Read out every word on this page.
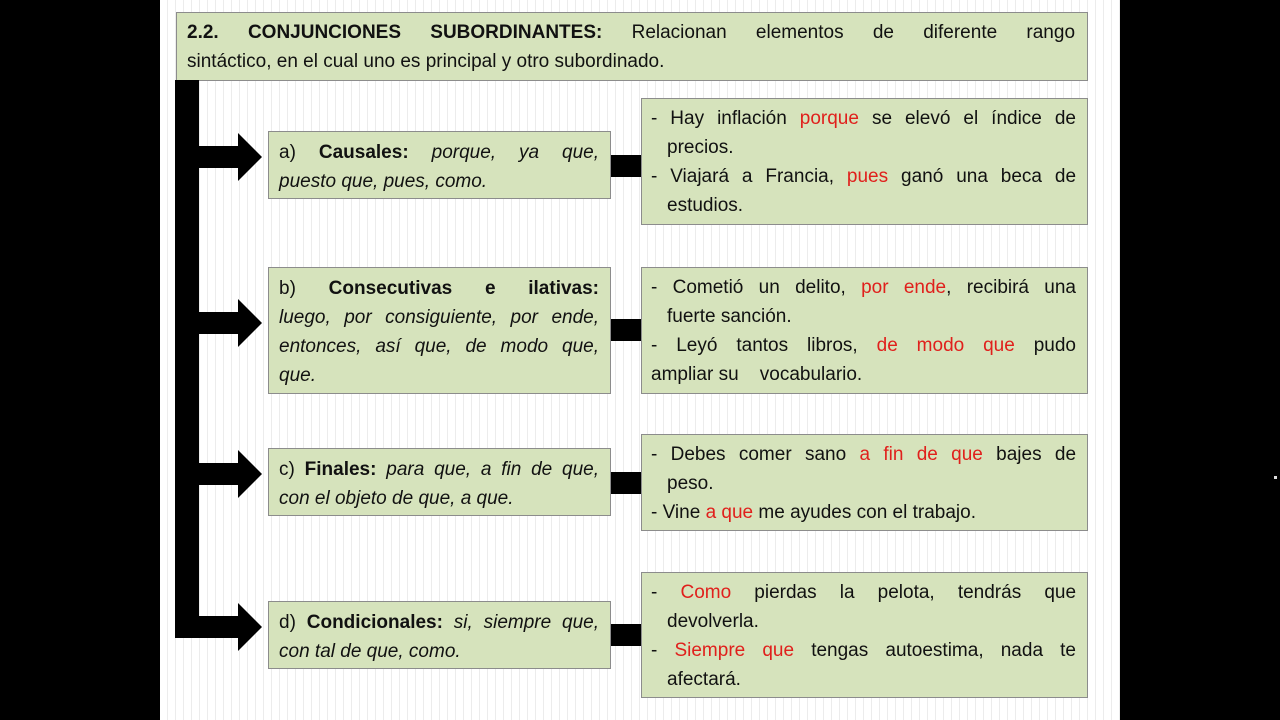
2.2. CONJUNCIONES SUBORDINANTES: Relacionan elementos de diferente rango
sintáctico, en el cual uno es principal y otro subordinado.
a) Causales: porque, ya que,
puesto que, pues, como.
b) Consecutivas e ilativas:
luego, por consiguiente, por ende,
entonces, así que, de modo que,
que.
c) Finales: para que, a fin de que,
con el objeto de que, a que.
d) Condicionales: si, siempre que,
con tal de que, como.
- Hay inflación porque se elevó el índice de
precios.
- Viajará a Francia, pues ganó una beca de
estudios.
- Cometió un delito, por ende, recibirá una
fuerte sanción.
- Leyó tantos libros, de modo que pudo
ampliar su    vocabulario.
- Debes comer sano a fin de que bajes de
peso.
- Vine a que me ayudes con el trabajo.
- Como pierdas la pelota, tendrás que
devolverla.
- Siempre que tengas autoestima, nada te
afectará.
